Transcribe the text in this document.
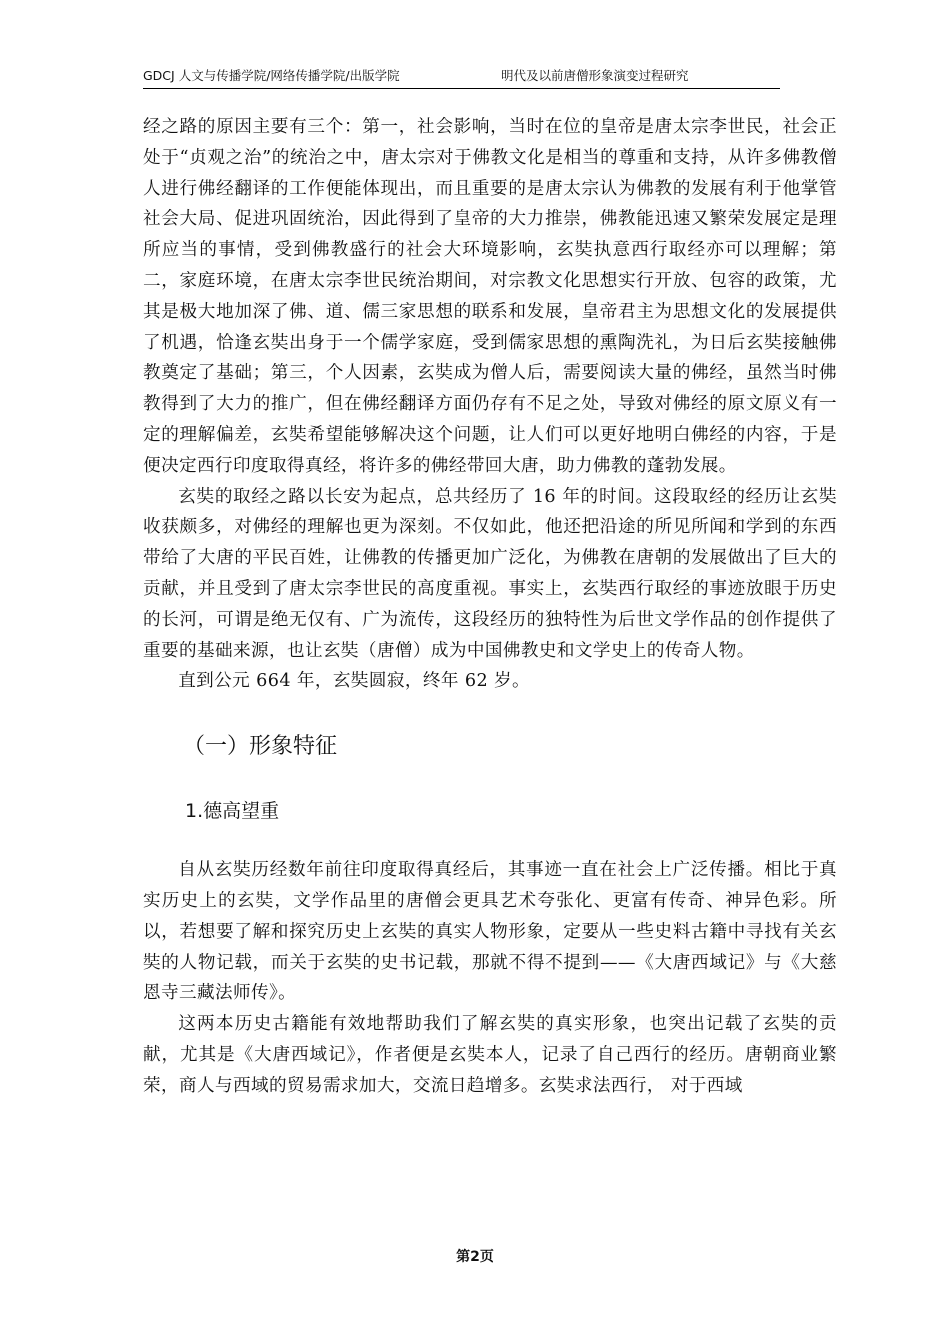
GDCJ 人文与传播学院/网络传播学院/出版学院	明代及以前唐僧形象演变过程研究

经之路的原因主要有三个：第一，社会影响，当时在位的皇帝是唐太宗李世民，社会正处于“贞观之治”的统治之中，唐太宗对于佛教文化是相当的尊重和支持，从许多佛教僧人进行佛经翻译的工作便能体现出，而且重要的是唐太宗认为佛教的发展有利于他掌管社会大局、促进巩固统治，因此得到了皇帝的大力推崇，佛教能迅速又繁荣发展定是理所应当的事情，受到佛教盛行的社会大环境影响，玄奘执意西行取经亦可以理解；第二，家庭环境，在唐太宗李世民统治期间，对宗教文化思想实行开放、包容的政策，尤其是极大地加深了佛、道、儒三家思想的联系和发展，皇帝君主为思想文化的发展提供了机遇，恰逢玄奘出身于一个儒学家庭，受到儒家思想的熏陶洗礼，为日后玄奘接触佛教奠定了基础；第三，个人因素，玄奘成为僧人后，需要阅读大量的佛经，虽然当时佛教得到了大力的推广，但在佛经翻译方面仍存有不足之处，导致对佛经的原文原义有一定的理解偏差，玄奘希望能够解决这个问题，让人们可以更好地明白佛经的内容，于是便决定西行印度取得真经，将许多的佛经带回大唐，助力佛教的蓬勃发展。

玄奘的取经之路以长安为起点，总共经历了 16 年的时间。这段取经的经历让玄奘收获颇多，对佛经的理解也更为深刻。不仅如此，他还把沿途的所见所闻和学到的东西带给了大唐的平民百姓，让佛教的传播更加广泛化，为佛教在唐朝的发展做出了巨大的贡献，并且受到了唐太宗李世民的高度重视。事实上，玄奘西行取经的事迹放眼于历史的长河，可谓是绝无仅有、广为流传，这段经历的独特性为后世文学作品的创作提供了重要的基础来源，也让玄奘（唐僧）成为中国佛教史和文学史上的传奇人物。

直到公元 664 年，玄奘圆寂，终年 62 岁。

（一）形象特征
1.德高望重

自从玄奘历经数年前往印度取得真经后，其事迹一直在社会上广泛传播。相比于真实历史上的玄奘，文学作品里的唐僧会更具艺术夸张化、更富有传奇、神异色彩。所以，若想要了解和探究历史上玄奘的真实人物形象，定要从一些史料古籍中寻找有关玄奘的人物记载，而关于玄奘的史书记载，那就不得不提到——《大唐西域记》与《大慈恩寺三藏法师传》。

这两本历史古籍能有效地帮助我们了解玄奘的真实形象，也突出记载了玄奘的贡献，尤其是《大唐西域记》，作者便是玄奘本人，记录了自己西行的经历。唐朝商业繁荣，商人与西域的贸易需求加大，交流日趋增多。玄奘求法西行， 对于西域

第2页
